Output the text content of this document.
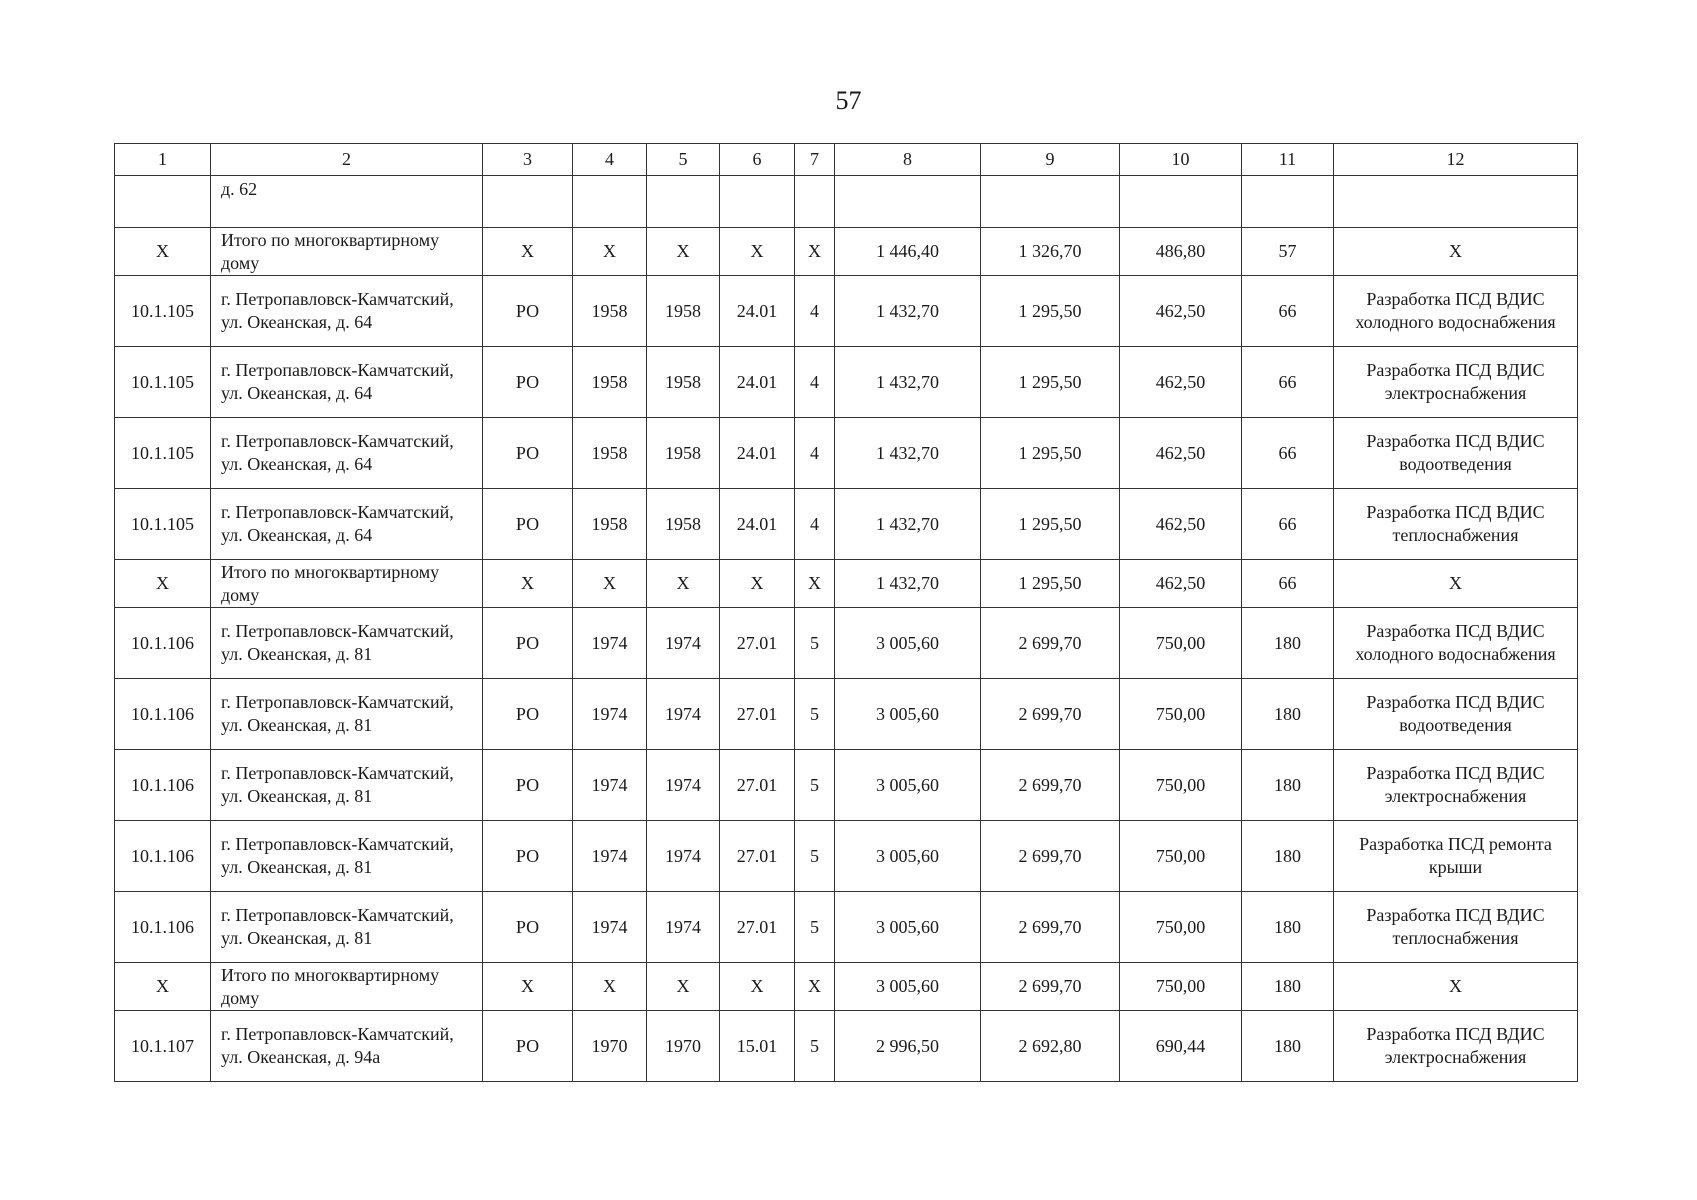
57
1	2	3	4	5	6	7	8	9	10	11	12
	д. 62										
X	Итого по многоквартирному дому	X	X	X	X	X	1 446,40	1 326,70	486,80	57	X
10.1.105	г. Петропавловск-Камчатский, ул. Океанская, д. 64	РО	1958	1958	24.01	4	1 432,70	1 295,50	462,50	66	Разработка ПСД ВДИС холодного водоснабжения
10.1.105	г. Петропавловск-Камчатский, ул. Океанская, д. 64	РО	1958	1958	24.01	4	1 432,70	1 295,50	462,50	66	Разработка ПСД ВДИС электроснабжения
10.1.105	г. Петропавловск-Камчатский, ул. Океанская, д. 64	РО	1958	1958	24.01	4	1 432,70	1 295,50	462,50	66	Разработка ПСД ВДИС водоотведения
10.1.105	г. Петропавловск-Камчатский, ул. Океанская, д. 64	РО	1958	1958	24.01	4	1 432,70	1 295,50	462,50	66	Разработка ПСД ВДИС теплоснабжения
X	Итого по многоквартирному дому	X	X	X	X	X	1 432,70	1 295,50	462,50	66	X
10.1.106	г. Петропавловск-Камчатский, ул. Океанская, д. 81	РО	1974	1974	27.01	5	3 005,60	2 699,70	750,00	180	Разработка ПСД ВДИС холодного водоснабжения
10.1.106	г. Петропавловск-Камчатский, ул. Океанская, д. 81	РО	1974	1974	27.01	5	3 005,60	2 699,70	750,00	180	Разработка ПСД ВДИС водоотведения
10.1.106	г. Петропавловск-Камчатский, ул. Океанская, д. 81	РО	1974	1974	27.01	5	3 005,60	2 699,70	750,00	180	Разработка ПСД ВДИС электроснабжения
10.1.106	г. Петропавловск-Камчатский, ул. Океанская, д. 81	РО	1974	1974	27.01	5	3 005,60	2 699,70	750,00	180	Разработка ПСД ремонта крыши
10.1.106	г. Петропавловск-Камчатский, ул. Океанская, д. 81	РО	1974	1974	27.01	5	3 005,60	2 699,70	750,00	180	Разработка ПСД ВДИС теплоснабжения
X	Итого по многоквартирному дому	X	X	X	X	X	3 005,60	2 699,70	750,00	180	X
10.1.107	г. Петропавловск-Камчатский, ул. Океанская, д. 94а	РО	1970	1970	15.01	5	2 996,50	2 692,80	690,44	180	Разработка ПСД ВДИС электроснабжения
